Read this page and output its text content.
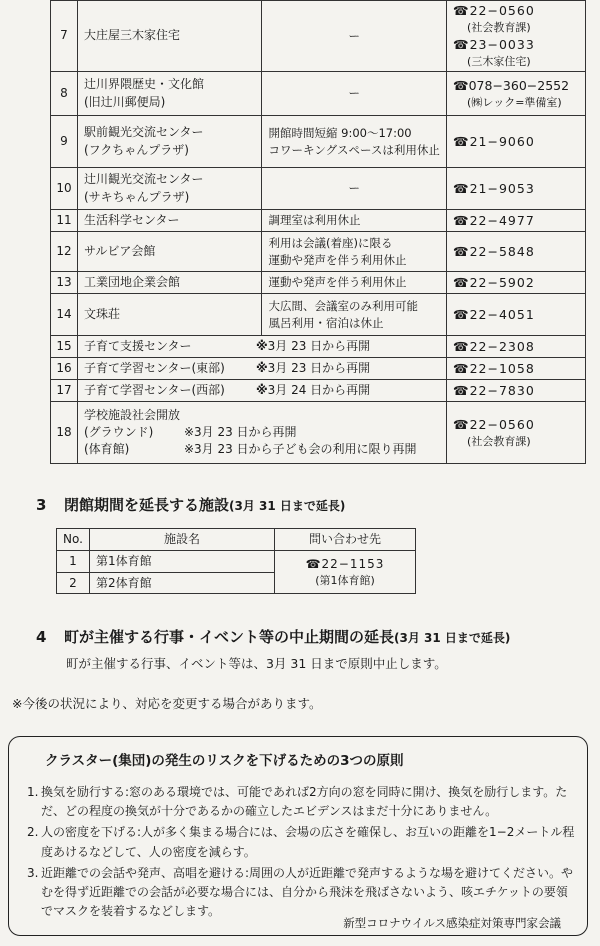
7	大庄屋三木家住宅	ー	☎22−0560
(社会教育課)
☎23−0033
(三木家住宅)

8	辻川界隈歴史・文化館
(旧辻川郵便局)	ー	☎078−360−2552
(㈱レック=準備室)

9	駅前観光交流センター
(フクちゃんプラザ)	開館時間短縮 9:00〜17:00
コワーキングスペースは利用休止	☎21−9060

10	辻川観光交流センター
(サキちゃんプラザ)	ー	☎21−9053

11	生活科学センター	調理室は利用休止	☎22−4977

12	サルビア会館	利用は会議(着座)に限る
運動や発声を伴う利用休止	☎22−5848

13	工業団地企業会館	運動や発声を伴う利用休止	☎22−5902

14	文珠荘	大広間、会議室のみ利用可能
風呂利用・宿泊は休止	☎22−4051

15	子育て支援センター ※3月 23 日から再開		☎22−2308

16	子育て学習センター(東部) ※3月 23 日から再開		☎22−1058

17	子育て学習センター(西部) ※3月 24 日から再開		☎22−7830

18	学校施設社会開放
(グラウンド) ※3月 23 日から再開
(体育館) ※3月 23 日から子ども会の利用に限り再開		☎22−0560
(社会教育課)
3 閉館期間を延長する施設(3月 31 日まで延長)
No.	施設名	問い合わせ先
1	第1体育館	☎22−1153
(第1体育館)

2	第2体育館	
4 町が主催する行事・イベント等の中止期間の延長(3月 31 日まで延長)
町が主催する行事、イベント等は、3月 31 日まで原則中止します。
※今後の状況により、対応を変更する場合があります。
クラスター(集団)の発生のリスクを下げるための3つの原則
1. 換気を励行する:窓のある環境では、可能であれば2方向の窓を同時に開け、換気を励行します。ただ、どの程度の換気が十分であるかの確立したエビデンスはまだ十分にありません。
2. 人の密度を下げる:人が多く集まる場合には、会場の広さを確保し、お互いの距離を1−2メートル程度あけるなどして、人の密度を減らす。
3. 近距離での会話や発声、高唱を避ける:周囲の人が近距離で発声するような場を避けてください。やむを得ず近距離での会話が必要な場合には、自分から飛沫を飛ばさないよう、咳エチケットの要領でマスクを装着するなどします。
新型コロナウイルス感染症対策専門家会議
